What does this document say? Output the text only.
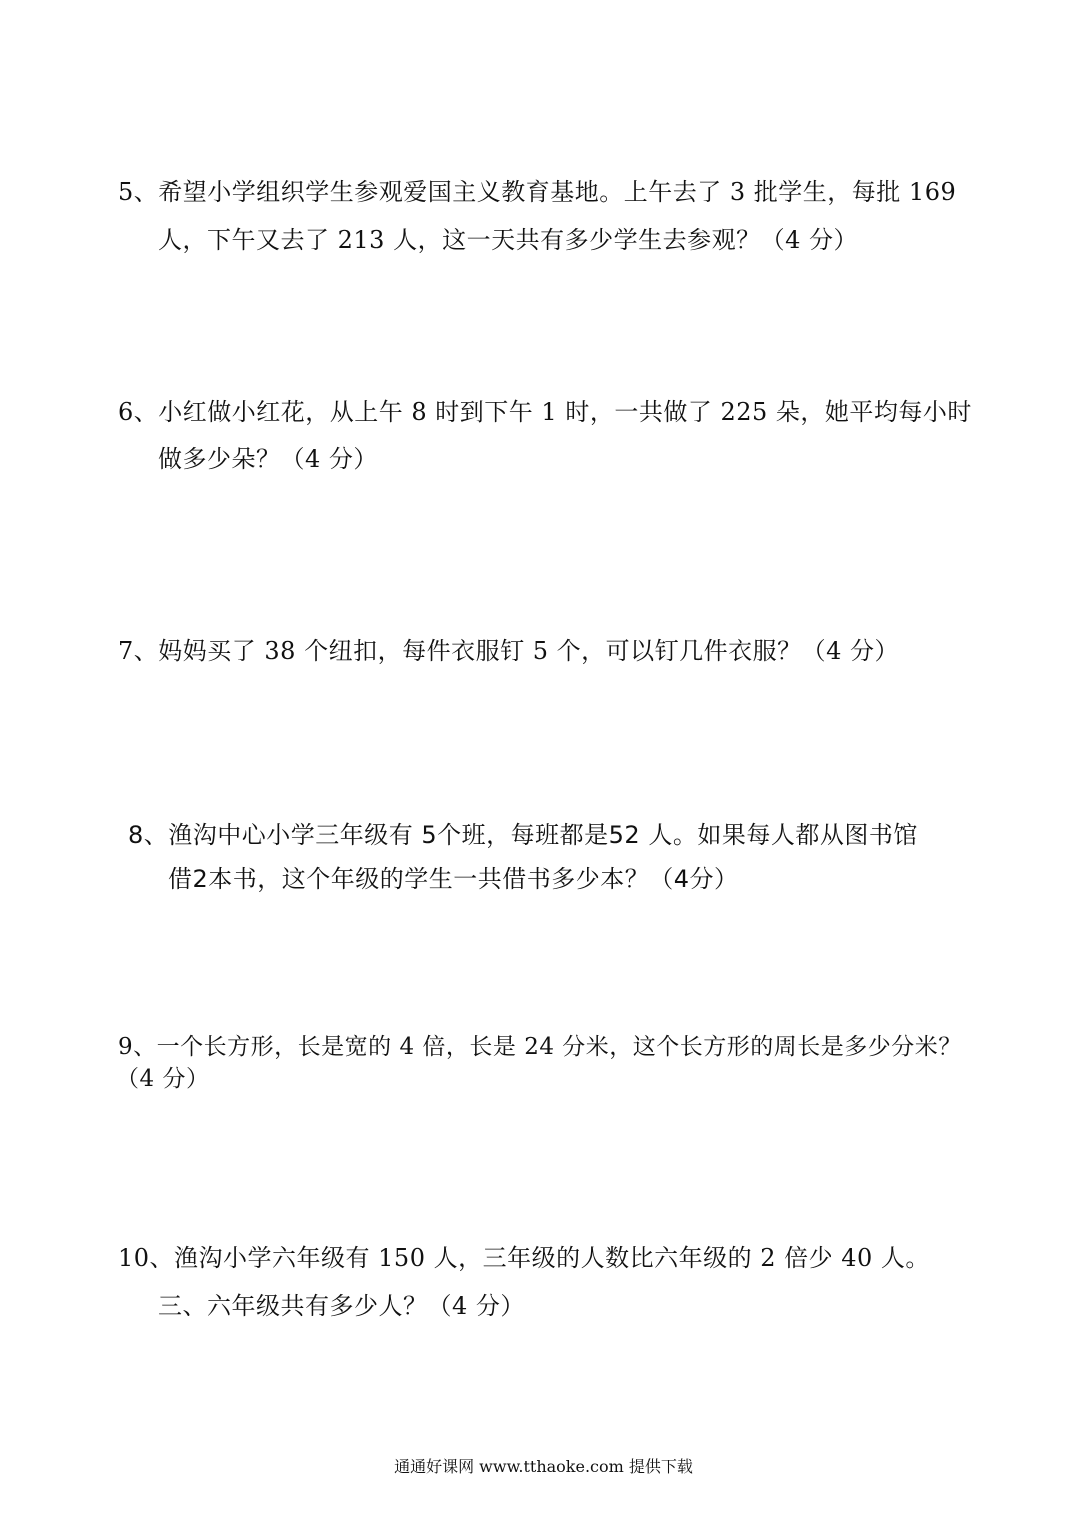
5、希望小学组织学生参观爱国主义教育基地。上午去了 3 批学生，每批 169
人，下午又去了 213 人，这一天共有多少学生去参观？（4 分）
6、小红做小红花，从上午 8 时到下午 1 时，一共做了 225 朵，她平均每小时
做多少朵？（4 分）
7、妈妈买了 38 个纽扣，每件衣服钉 5 个，可以钉几件衣服？（4 分）
8、渔沟中心小学三年级有 5个班，每班都是52 人。如果每人都从图书馆
借2本书，这个年级的学生一共借书多少本？（4分）
9、一个长方形，长是宽的 4 倍，长是 24 分米，这个长方形的周长是多少分米？
（4 分）
10、渔沟小学六年级有 150 人，三年级的人数比六年级的 2 倍少 40 人。
三、六年级共有多少人？（4 分）
通通好课网 www.tthaoke.com 提供下载
